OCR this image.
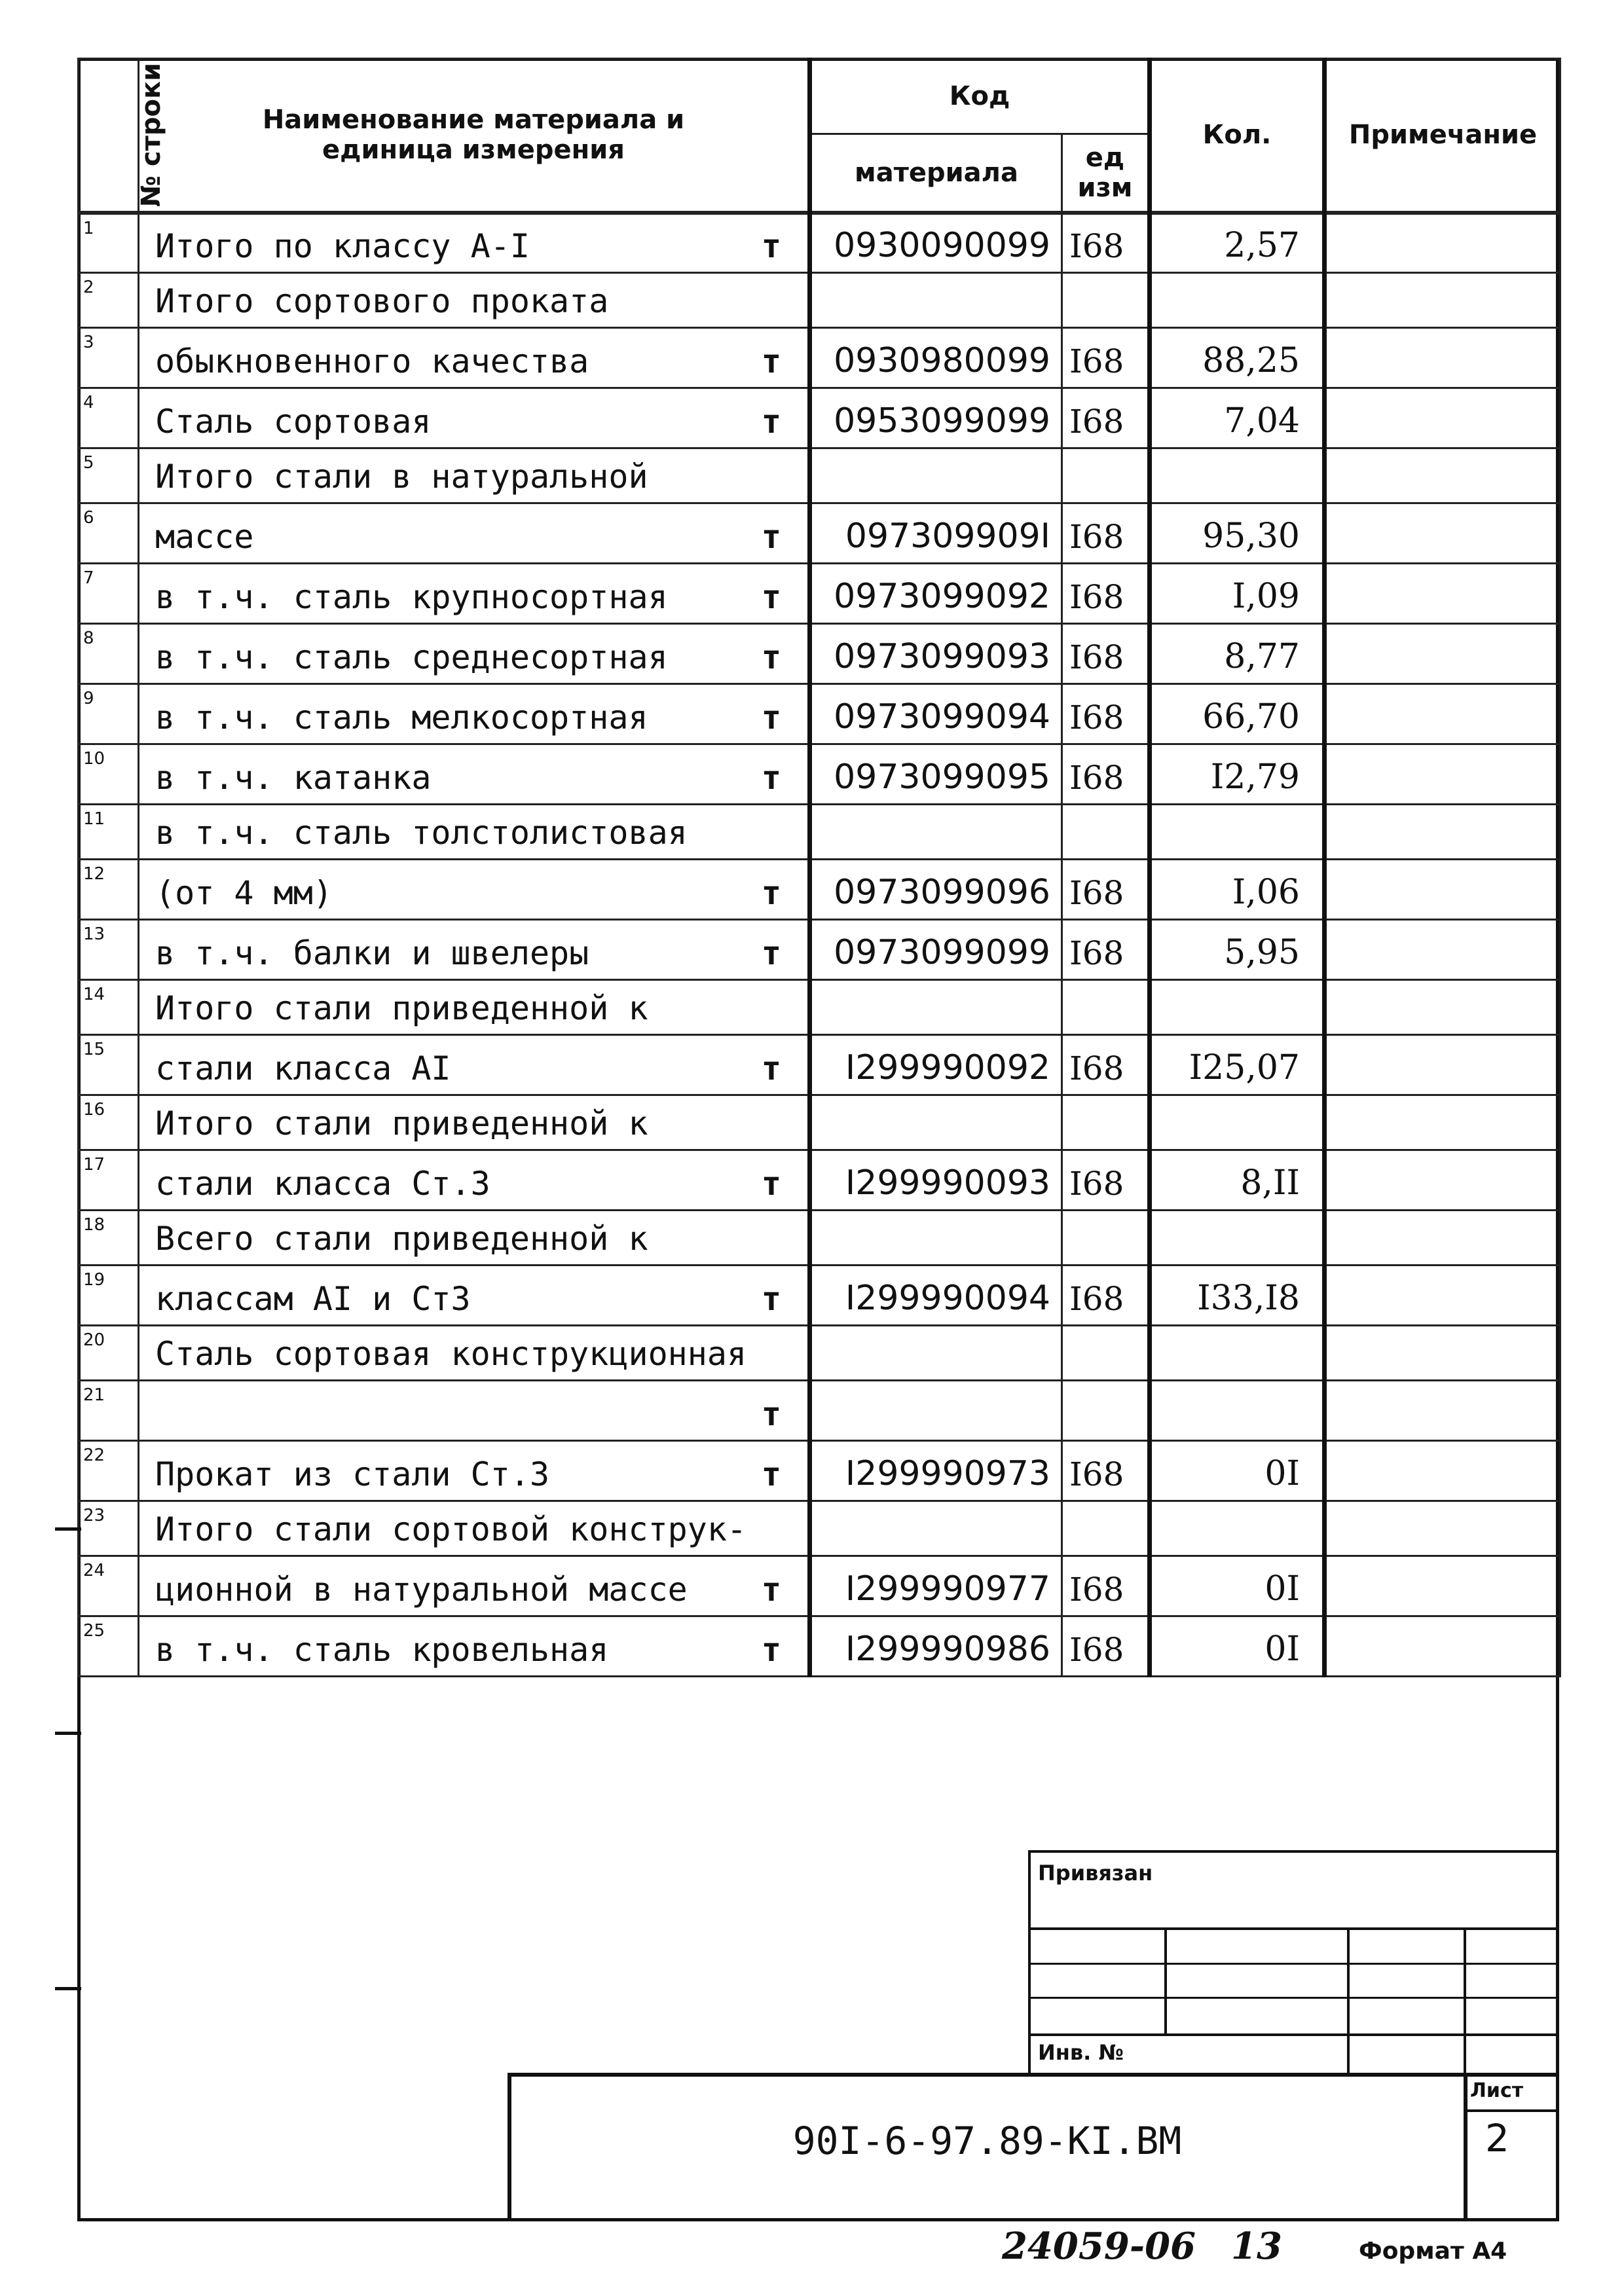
№ строки	Наименование материала и
единица измерения	Код		Кол.	Примечание
		материала	ед
изм		

1	Итого по классу А-I т	0930090099	I68	2,57	
2	Итого сортового проката

3	обыкновенного качества т	0930980099	I68	88,25	
4	Сталь сортовая т	0953099099	I68	7,04	
5	Итого стали в натуральной

6	массе т	097309909I	I68	95,30	
7	в т.ч. сталь крупносортная т	0973099092	I68	I,09	
8	в т.ч. сталь среднесортная т	0973099093	I68	8,77	
9	в т.ч. сталь мелкосортная т	0973099094	I68	66,70	
10	в т.ч. катанка т	0973099095	I68	I2,79	
11	в т.ч. сталь толстолистовая

12	(от 4 мм) т	0973099096	I68	I,06	
13	в т.ч. балки и швелеры т	0973099099	I68	5,95	
14	Итого стали приведенной к

15	стали класса AI т	I299990092	I68	I25,07	
16	Итого стали приведенной к

17	стали класса Ст.3 т	I299990093	I68	8,II	
18	Всего стали приведенной к

19	классам AI и Ст3 т	I299990094	I68	I33,I8	
20	Сталь сортовая конструкционная

21	т				

22	Прокат из стали Ст.3 т	I299990973	I68	0I	
23	Итого стали сортовой конструк-

24	ционной в натуральной массе т	I299990977	I68	0I	
25	в т.ч. сталь кровельная т	I299990986	I68	0I	
Привязан
Инв. №
90I-6-97.89-КI.ВМ
Лист
2
24059-06 13	Формат А4
